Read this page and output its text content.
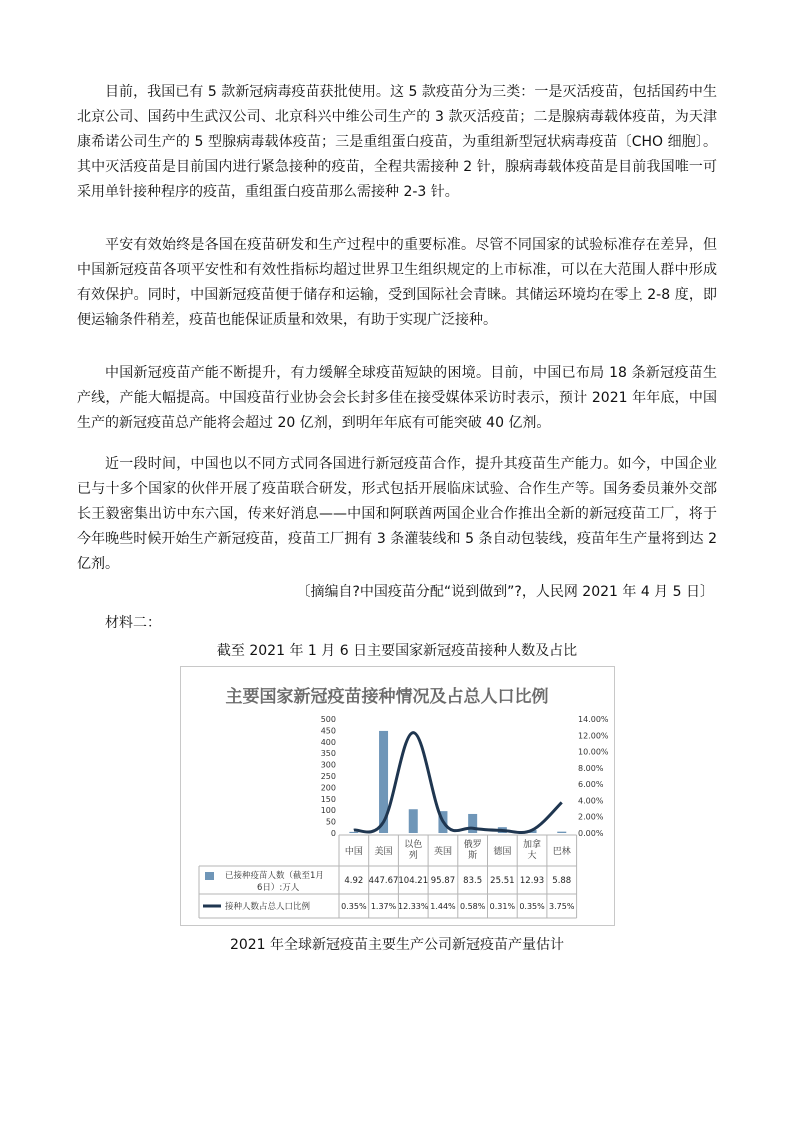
目前，我国已有 5 款新冠病毒疫苗获批使用。这 5 款疫苗分为三类：一是灭活疫苗，包括国药中生北京公司、国药中生武汉公司、北京科兴中维公司生产的 3 款灭活疫苗；二是腺病毒载体疫苗，为天津康希诺公司生产的 5 型腺病毒载体疫苗；三是重组蛋白疫苗，为重组新型冠状病毒疫苗〔CHO 细胞〕。其中灭活疫苗是目前国内进行紧急接种的疫苗，全程共需接种 2 针，腺病毒载体疫苗是目前我国唯一可采用单针接种程序的疫苗，重组蛋白疫苗那么需接种 2-3 针。

平安有效始终是各国在疫苗研发和生产过程中的重要标准。尽管不同国家的试验标准存在差异，但中国新冠疫苗各项平安性和有效性指标均超过世界卫生组织规定的上市标准，可以在大范围人群中形成有效保护。同时，中国新冠疫苗便于储存和运输，受到国际社会青睐。其储运环境均在零上 2-8 度，即便运输条件稍差，疫苗也能保证质量和效果，有助于实现广泛接种。

中国新冠疫苗产能不断提升，有力缓解全球疫苗短缺的困境。目前，中国已布局 18 条新冠疫苗生产线，产能大幅提高。中国疫苗行业协会会长封多佳在接受媒体采访时表示，预计 2021 年年底，中国生产的新冠疫苗总产能将会超过 20 亿剂，到明年年底有可能突破 40 亿剂。

近一段时间，中国也以不同方式同各国进行新冠疫苗合作，提升其疫苗生产能力。如今，中国企业已与十多个国家的伙伴开展了疫苗联合研发，形式包括开展临床试验、合作生产等。国务委员兼外交部长王毅密集出访中东六国，传来好消息——中国和阿联酋两国企业合作推出全新的新冠疫苗工厂，将于今年晚些时候开始生产新冠疫苗，疫苗工厂拥有 3 条灌装线和 5 条自动包装线，疫苗年生产量将到达 2 亿剂。

〔摘编自?中国疫苗分配“说到做到”?，人民网 2021 年 4 月 5 日〕
材料二：
截至 2021 年 1 月 6 日主要国家新冠疫苗接种人数及占比
主要国家新冠疫苗接种情况及占总人口比例
0
50
100
150
200
250
300
350
400
450
500
0.00%
2.00%
4.00%
6.00%
8.00%
10.00%
12.00%
14.00%
中国 美国
以色
列 英国
俄罗
斯 德国
加拿
大 巴林
已接种疫苗人数（截至1月
6日）:万人
4.92 447.67 104.21 95.87 83.5 25.51 12.93 5.88
接种人数占总人口比例	0.35% 1.37% 12.33% 1.44% 0.58% 0.31% 0.35% 3.75%
2021 年全球新冠疫苗主要生产公司新冠疫苗产量估计
